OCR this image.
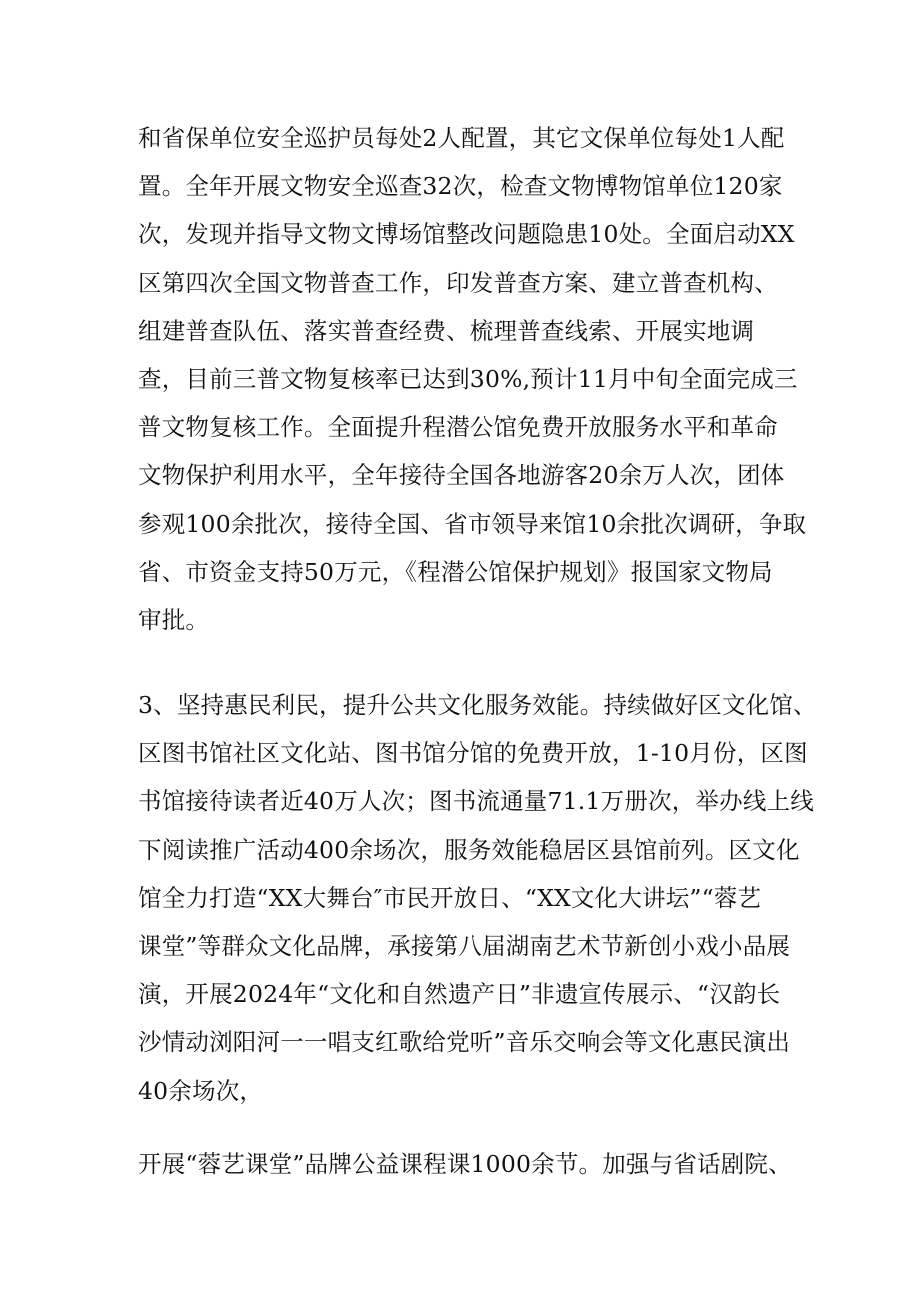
和省保单位安全巡护员每处2人配置，其它文保单位每处1人配
置。全年开展文物安全巡查32次，检查文物博物馆单位120家
次，发现并指导文物文博场馆整改问题隐患10处。全面启动XX
区第四次全国文物普查工作，印发普查方案、建立普查机构、
组建普查队伍、落实普查经费、梳理普查线索、开展实地调
查，目前三普文物复核率已达到30%,预计11月中旬全面完成三
普文物复核工作。全面提升程潜公馆免费开放服务水平和革命
文物保护利用水平，全年接待全国各地游客20余万人次，团体
参观100余批次，接待全国、省市领导来馆10余批次调研，争取
省、市资金支持50万元，《程潜公馆保护规划》报国家文物局
审批。
3、坚持惠民利民，提升公共文化服务效能。持续做好区文化馆、
区图书馆社区文化站、图书馆分馆的免费开放，1-10月份，区图
书馆接待读者近40万人次；图书流通量71.1万册次，举办线上线
下阅读推广活动400余场次，服务效能稳居区县馆前列。区文化
馆全力打造“XX大舞台″市民开放日、“XX文化大讲坛”“蓉艺
课堂”等群众文化品牌，承接第八届湖南艺术节新创小戏小品展
演，开展2024年“文化和自然遗产日”非遗宣传展示、“汉韵长
沙情动浏阳河一一唱支红歌给党听”音乐交响会等文化惠民演出
40余场次，
开展“蓉艺课堂”品牌公益课程课1000余节。加强与省话剧院、
